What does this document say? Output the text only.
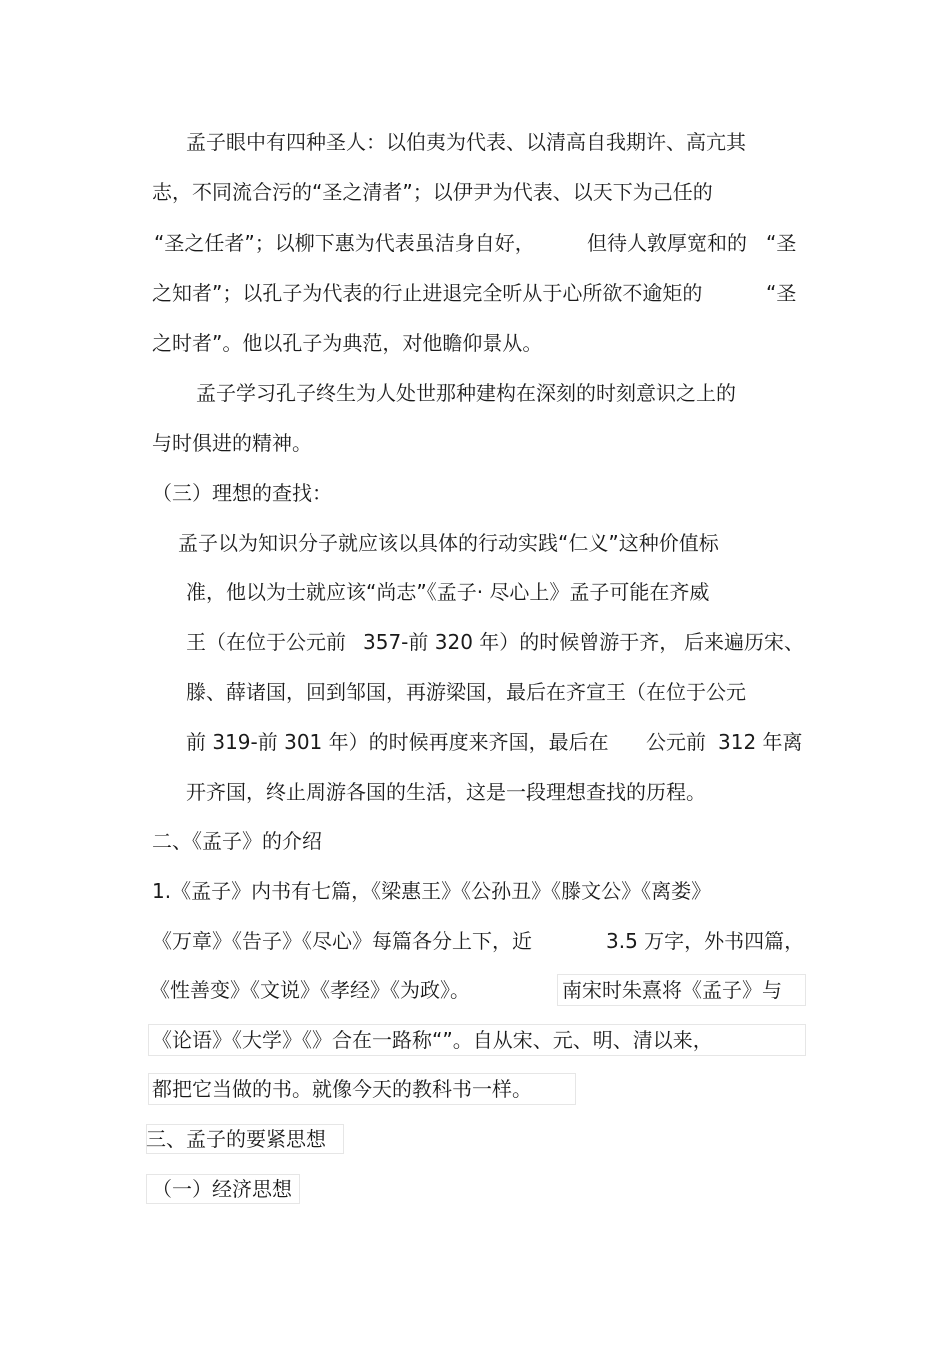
孟子眼中有四种圣人：以伯夷为代表、以清高自我期许、高亢其
志，不同流合污的“圣之清者”；以伊尹为代表、以天下为己任的
“圣之任者”；以柳下惠为代表虽洁身自好，	但待人敦厚宽和的 “圣
之知者”；以孔子为代表的行止进退完全听从于心所欲不逾矩的	“圣
之时者”。他以孔子为典范，对他瞻仰景从。
孟子学习孔子终生为人处世那种建构在深刻的时刻意识之上的
与时俱进的精神。
（三）理想的查找：
孟子以为知识分子就应该以具体的行动实践“仁义”这种价值标
准，他以为士就应该“尚志”《孟子· 尽心上》孟子可能在齐威
王（在位于公元前 357-前 320 年）的时候曾游于齐， 后来遍历宋、
滕、薛诸国，回到邹国，再游梁国，最后在齐宣王（在位于公元
前 319-前 301 年）的时候再度来齐国，最后在 公元前 312 年离
开齐国，终止周游各国的生活，这是一段理想查找的历程。
二、《孟子》的介绍
1.《孟子》内书有七篇，《梁惠王》《公孙丑》《滕文公》《离娄》
《万章》《告子》《尽心》每篇各分上下，近	3.5 万字，外书四篇，
《性善变》《文说》《孝经》《为政》。	南宋时朱熹将《孟子》与
《论语》《大学》《》合在一路称“”。自从宋、元、明、清以来，
都把它当做的书。就像今天的教科书一样。
三、孟子的要紧思想
（一）经济思想
